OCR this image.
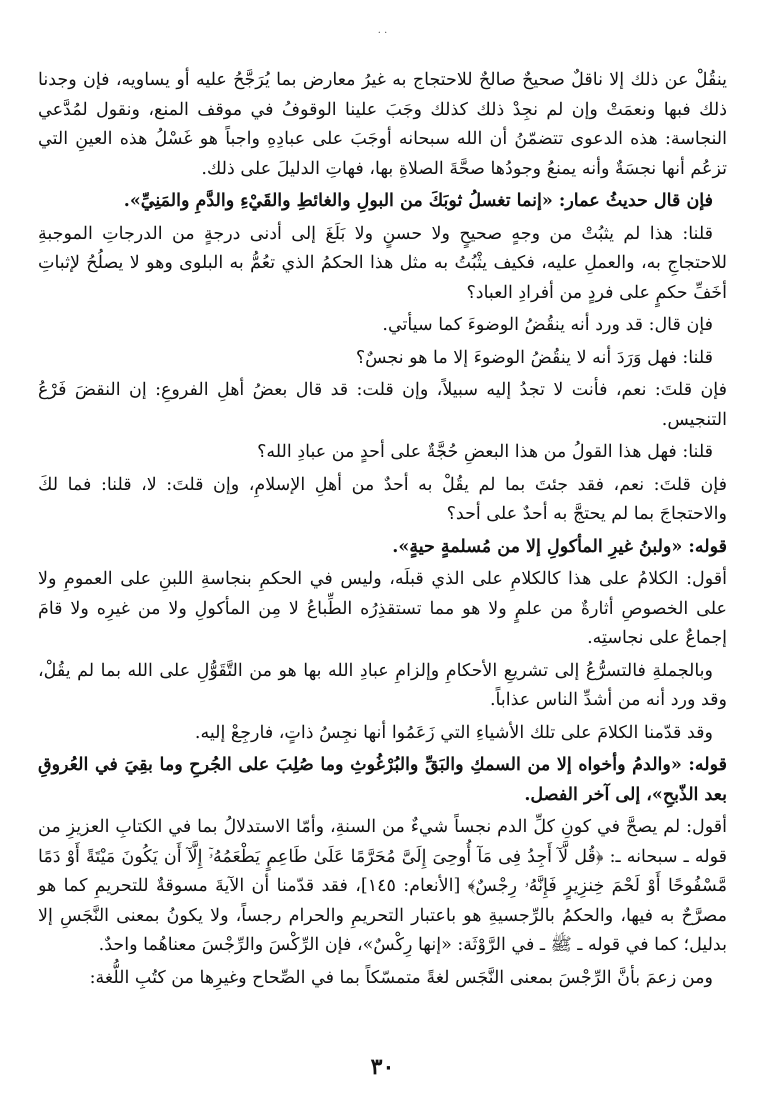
· ·

ينقُلْ عن ذلك إلا ناقلٌ صحيحٌ صالحٌ للاحتجاج به غيرُ معارض بما يُرَجَّحُ عليه أو يساويه، فإن وجدنا ذلك فبها ونعمَتْ وإن لم نجِدْ ذلك كذلك وجَبَ علينا الوقوفُ في موقف المنع، ونقول لمُدَّعي النجاسة: هذه الدعوى تتضمّنُ أن الله سبحانه أوجَبَ على عبادِهِ واجباً هو غَسْلُ هذه العينِ التي تزعُم أنها نجسَةٌ وأنه يمنعُ وجودُها صحَّةَ الصلاةِ بها، فهاتِ الدليلَ على ذلك.

فإن قال حديثُ عمار: «إنما تغسلُ ثوبَكَ من البولِ والغائطِ والقَيْءِ والدَّمِ والمَنِيِّ».

قلنا: هذا لم يثبُتْ من وجهٍ صحيحٍ ولا حسنٍ ولا بَلَغَ إلى أدنى درجةٍ من الدرجاتِ الموجبةِ للاحتجاجِ به، والعملِ عليه، فكيف يثْبُتُ به مثل هذا الحكمُ الذي تعُمُّ به البلوى وهو لا يصلُحُ لإثباتِ أخَفِّ حكمٍ على فردٍ من أفرادِ العباد؟

فإن قال: قد ورد أنه ينقُضُ الوضوءَ كما سيأتي.

قلنا: فهل وَرَدَ أنه لا ينقُضُ الوضوءَ إلا ما هو نجسٌ؟

فإن قلتَ: نعم، فأنت لا تجدُ إليه سبيلاً، وإن قلت: قد قال بعضُ أهلِ الفروعِ: إن النقضَ فَرْعُ التنجيس.

قلنا: فهل هذا القولُ من هذا البعضِ حُجَّةٌ على أحدٍ من عبادِ الله؟

فإن قلتَ: نعم، فقد جئتَ بما لم يقُلْ به أحدٌ من أهلِ الإسلامِ، وإن قلتَ: لا، قلنا: فما لكَ والاحتجاجَ بما لم يحتجَّ به أحدٌ على أحد؟

قوله: «ولبنُ غيرِ المأكولِ إلا من مُسلمةٍ حيةٍ».

أقول: الكلامُ على هذا كالكلامِ على الذي قبلَه، وليس في الحكمِ بنجاسةِ اللبنِ على العمومِ ولا على الخصوصِ أثارةٌ من علمٍ ولا هو مما تستقذِرُه الطِّباعُ لا مِن المأكولِ ولا من غيرِه ولا قامَ إجماعٌ على نجاستِه.

وبالجملةِ فالتسرُّعُ إلى تشريعِ الأحكامِ وإلزامِ عبادِ الله بها هو من التَّقَوُّلِ على الله بما لم يقُلْ، وقد ورد أنه من أشدِّ الناس عذاباً.

وقد قدّمنا الكلامَ على تلك الأشياءِ التي زَعَمُوا أنها نجِسُ ذاتٍ، فارجِعْ إليه.

قوله: «والدمُ وأخواه إلا من السمكِ والبَقِّ والبُرْغُوثِ وما صُلِبَ على الجُرحِ وما بقِيَ في العُروقِ بعد الذّبحِ»، إلى آخر الفصل.

أقول: لم يصحَّ في كونِ كلِّ الدم نجساً شيءٌ من السنةِ، وأمّا الاستدلالُ بما في الكتابِ العزيزِ من قوله ـ سبحانه ـ: ﴿قُل لَّآ أَجِدُ فِى مَآ أُوحِىَ إِلَىَّ مُحَرَّمًا عَلَىٰ طَاعِمٍ يَطْعَمُهُۥٓ إِلَّآ أَن يَكُونَ مَيْتَةً أَوْ دَمًا مَّسْفُوحًا أَوْ لَحْمَ خِنزِيرٍ فَإِنَّهُۥ رِجْسٌ﴾ [الأنعام: ١٤٥]، فقد قدّمنا أن الآيةَ مسوقةٌ للتحريمِ كما هو مصرَّحٌ به فيها، والحكمُ بالرِّجسيةِ هو باعتبار التحريمِ والحرام رجساً، ولا يكونُ بمعنى النَّجَسِ إلا بدليل؛ كما في قوله ـ ﷺ ـ في الرَّوْثَة: «إنها رِكْسٌ»، فإن الرِّكْسَ والرِّجْسَ معناهُما واحدٌ.

ومن زعمَ بأنَّ الرِّجْسَ بمعنى النَّجَس لغةً متمسّكاً بما في الصِّحاح وغيرِها من كتُبِ اللُّغة:

٣٠
